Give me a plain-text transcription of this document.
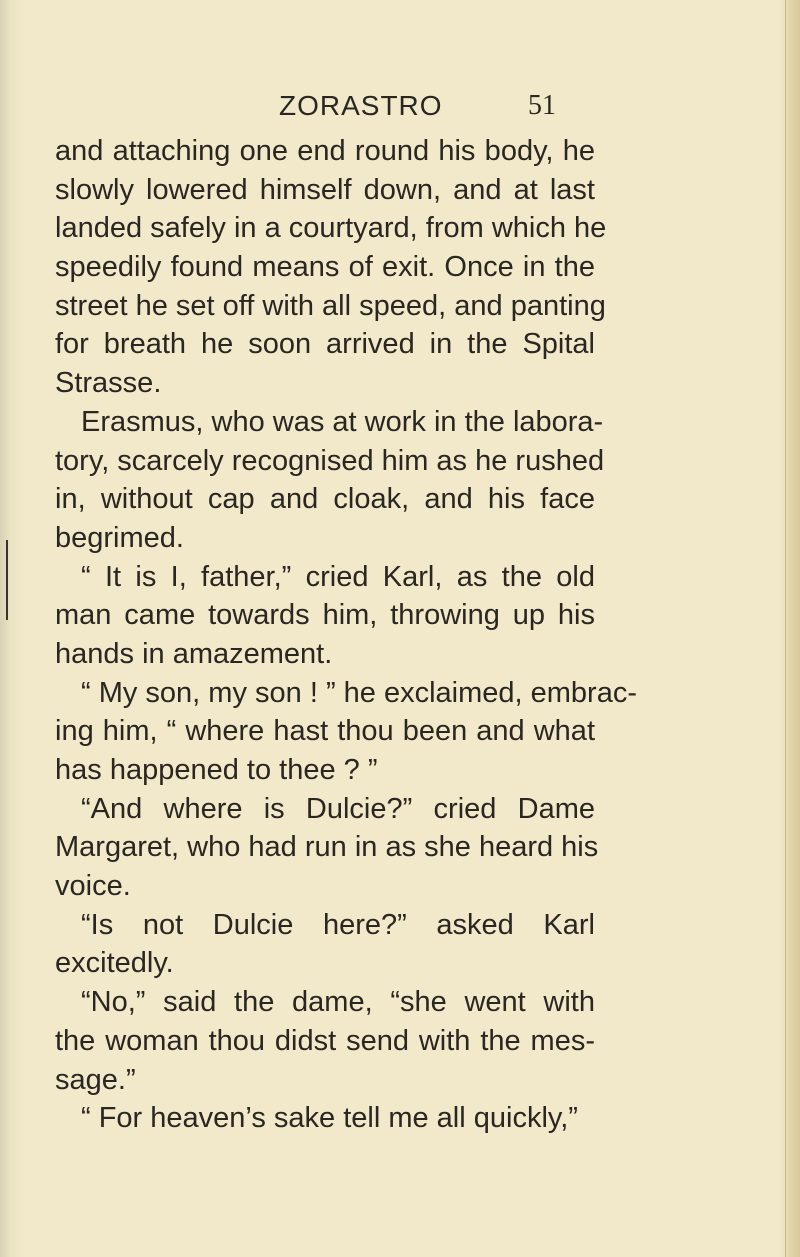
ZORASTRO	51
and attaching one end round his body, he
slowly lowered himself down, and at last
landed safely in a courtyard, from which he
speedily found means of exit. Once in the
street he set off with all speed, and panting
for breath he soon arrived in the Spital
Strasse.
Erasmus, who was at work in the labora-
tory, scarcely recognised him as he rushed
in, without cap and cloak, and his face
begrimed.
“ It is I, father,” cried Karl, as the old
man came towards him, throwing up his
hands in amazement.
“ My son, my son ! ” he exclaimed, embrac-
ing him, “ where hast thou been and what
has happened to thee ? ”
“And where is Dulcie?” cried Dame
Margaret, who had run in as she heard his
voice.
“Is not Dulcie here?” asked Karl
excitedly.
“No,” said the dame, “she went with
the woman thou didst send with the mes-
sage.”
“ For heaven’s sake tell me all quickly,”
